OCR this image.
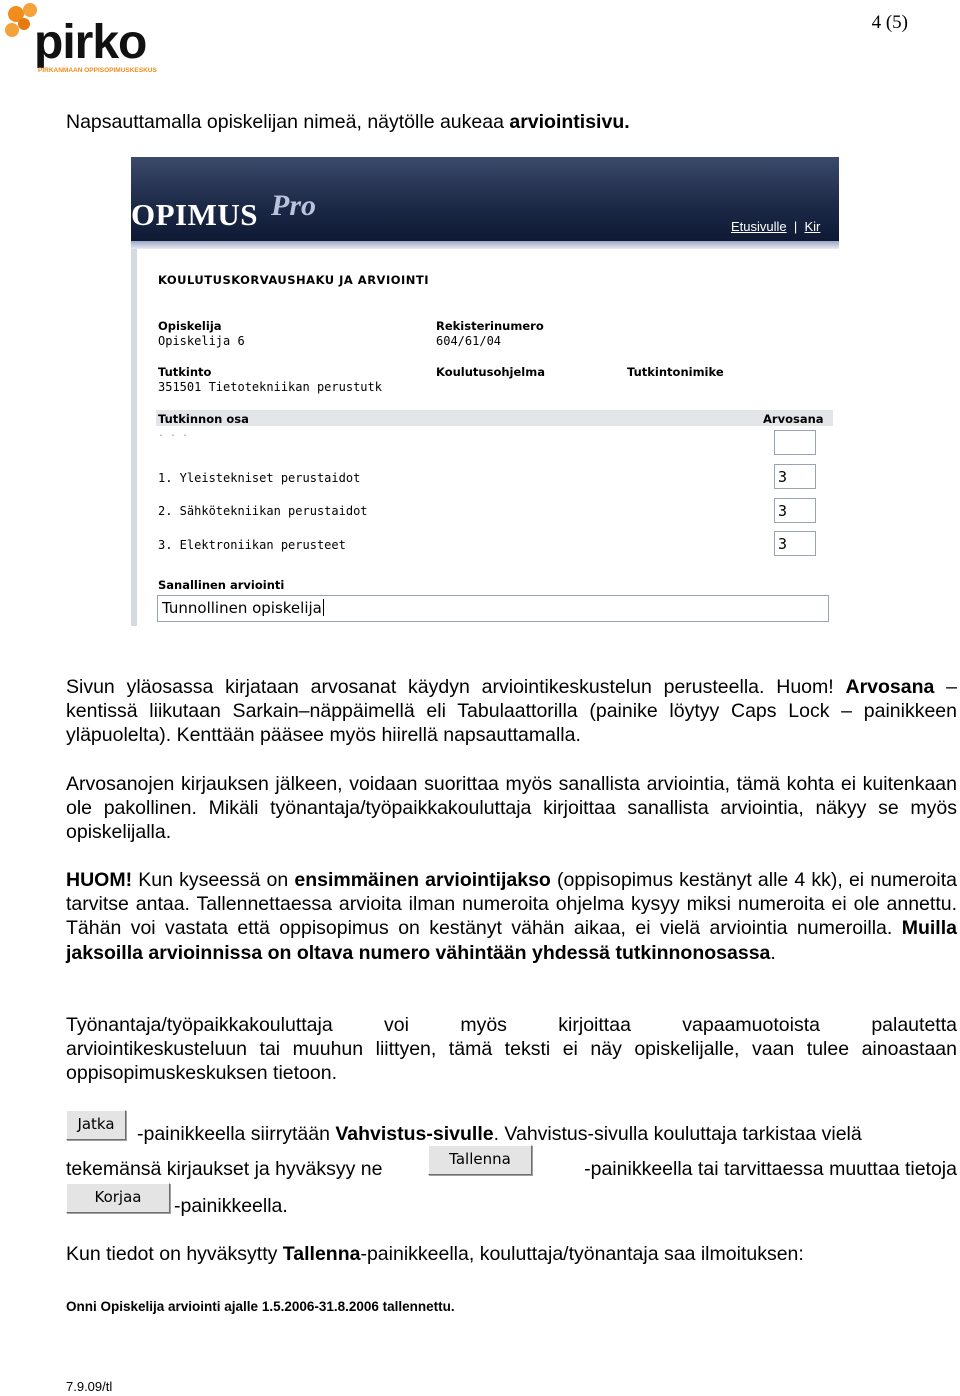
pirko
PIRKANMAAN OPPISOPIMUSKESKUS
4 (5)
Napsauttamalla opiskelijan nimeä, näytölle aukeaa arviointisivu.
OPIMUS Pro
Etusivulle | Kir
KOULUTUSKORVAUSHAKU JA ARVIOINTI
Opiskelija
Opiskelija 6
Rekisterinumero
604/61/04
Tutkinto
351501 Tietotekniikan perustutk
Koulutusohjelma	Tutkintonimike
Tutkinnon osa	Arvosana
. . .
1. Yleistekniset perustaidot	3
2. Sähkötekniikan perustaidot	3
3. Elektroniikan perusteet	3
Sanallinen arviointi
Tunnollinen opiskelija
Sivun yläosassa kirjataan arvosanat käydyn arviointikeskustelun perusteella. Huom! Arvosana – kentissä liikutaan Sarkain–näppäimellä eli Tabulaattorilla (painike löytyy Caps Lock – painikkeen yläpuolelta). Kenttään pääsee myös hiirellä napsauttamalla.
Arvosanojen kirjauksen jälkeen, voidaan suorittaa myös sanallista arviointia, tämä kohta ei kuitenkaan ole pakollinen. Mikäli työnantaja/työpaikkakouluttaja kirjoittaa sanallista arviointia, näkyy se myös opiskelijalla.
HUOM! Kun kyseessä on ensimmäinen arviointijakso (oppisopimus kestänyt alle 4 kk), ei numeroita tarvitse antaa. Tallennettaessa arvioita ilman numeroita ohjelma kysyy miksi numeroita ei ole annettu. Tähän voi vastata että oppisopimus on kestänyt vähän aikaa, ei vielä arviointia numeroilla. Muilla jaksoilla arvioinnissa on oltava numero vähintään yhdessä tutkinnonosassa.
Työnantaja/työpaikkakouluttaja	voi	myös	kirjoittaa	vapaamuotoista	palautetta
arviointikeskusteluun tai muuhun liittyen, tämä teksti ei näy opiskelijalle, vaan tulee ainoastaan oppisopimuskeskuksen tietoon.
Jatka	-painikkeella siirrytään Vahvistus-sivulle. Vahvistus-sivulla kouluttaja tarkistaa vielä
tekemänsä kirjaukset ja hyväksyy ne	Tallenna	-painikkeella tai tarvittaessa muuttaa tietoja
Korjaa	-painikkeella.
Kun tiedot on hyväksytty Tallenna-painikkeella, kouluttaja/työnantaja saa ilmoituksen:
Onni Opiskelija arviointi ajalle 1.5.2006-31.8.2006 tallennettu.
7.9.09/tl
